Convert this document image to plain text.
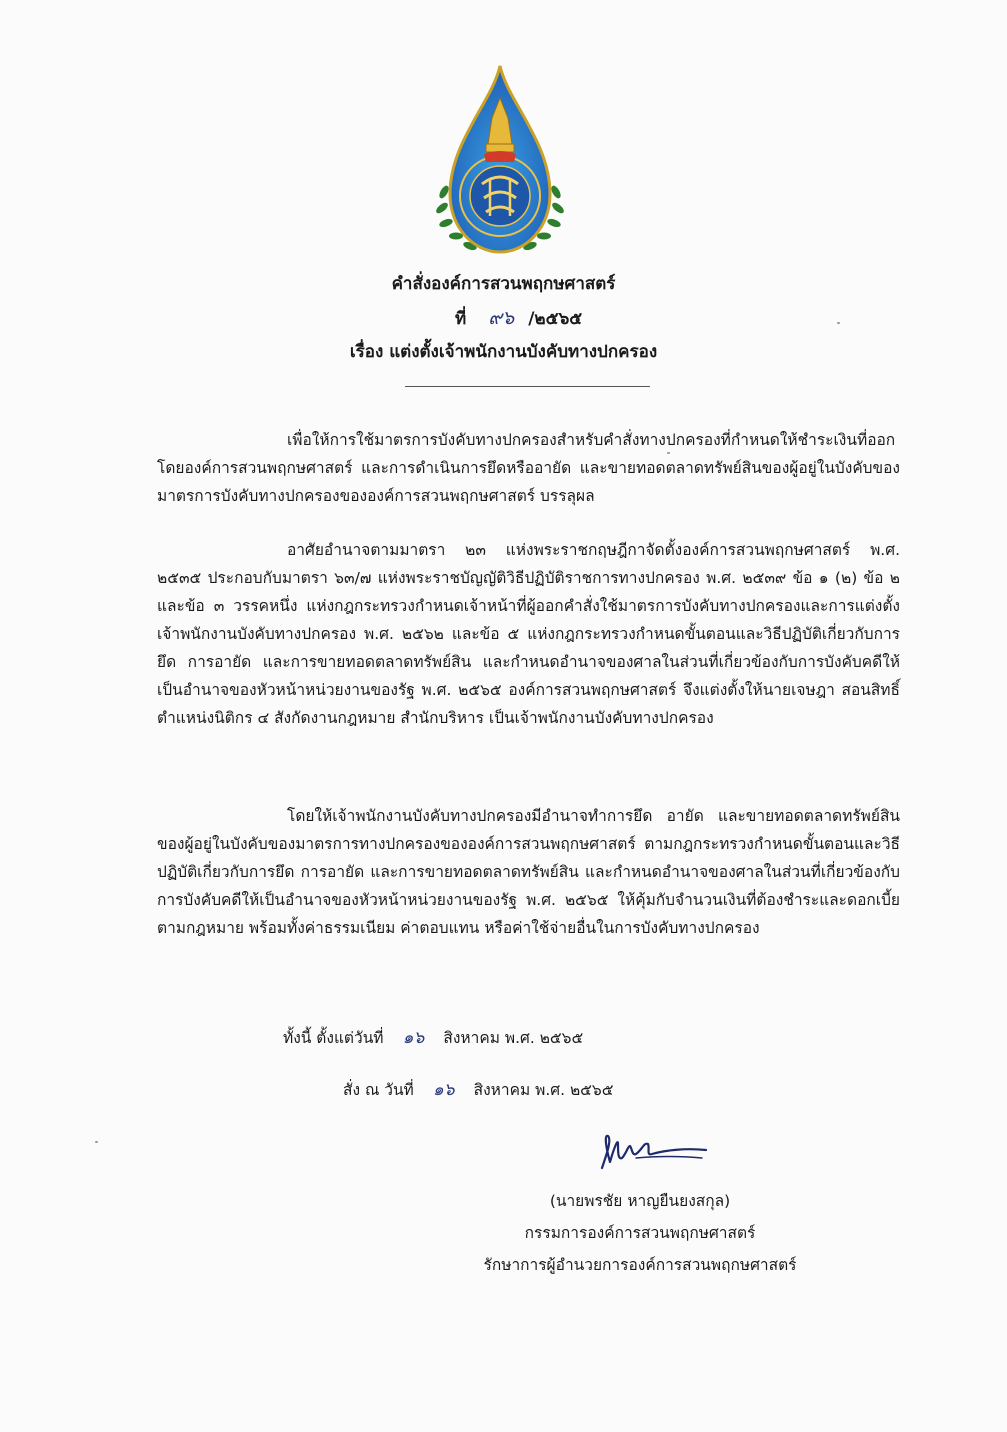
คำสั่งองค์การสวนพฤกษศาสตร์
ที่ ๙๖ /๒๕๖๕
เรื่อง แต่งตั้งเจ้าพนักงานบังคับทางปกครอง

เพื่อให้การใช้มาตรการบังคับทางปกครองสำหรับคำสั่งทางปกครองที่กำหนดให้ชำระเงินที่ออกโดยองค์การสวนพฤกษศาสตร์ และการดำเนินการยึดหรืออายัด และขายทอดตลาดทรัพย์สินของผู้อยู่ในบังคับของมาตรการบังคับทางปกครองขององค์การสวนพฤกษศาสตร์ บรรลุผล

อาศัยอำนาจตามมาตรา ๒๓ แห่งพระราชกฤษฎีกาจัดตั้งองค์การสวนพฤกษศาสตร์ พ.ศ. ๒๕๓๕ ประกอบกับมาตรา ๖๓/๗ แห่งพระราชบัญญัติวิธีปฏิบัติราชการทางปกครอง พ.ศ. ๒๕๓๙ ข้อ ๑ (๒) ข้อ ๒ และข้อ ๓ วรรคหนึ่ง แห่งกฎกระทรวงกำหนดเจ้าหน้าที่ผู้ออกคำสั่งใช้มาตรการบังคับทางปกครองและการแต่งตั้งเจ้าพนักงานบังคับทางปกครอง พ.ศ. ๒๕๖๒ และข้อ ๕ แห่งกฎกระทรวงกำหนดขั้นตอนและวิธีปฏิบัติเกี่ยวกับการยึด การอายัด และการขายทอดตลาดทรัพย์สิน และกำหนดอำนาจของศาลในส่วนที่เกี่ยวข้องกับการบังคับคดีให้เป็นอำนาจของหัวหน้าหน่วยงานของรัฐ พ.ศ. ๒๕๖๕ องค์การสวนพฤกษศาสตร์ จึงแต่งตั้งให้นายเจษฎา สอนสิทธิ์ ตำแหน่งนิติกร ๔ สังกัดงานกฎหมาย สำนักบริหาร เป็นเจ้าพนักงานบังคับทางปกครอง

โดยให้เจ้าพนักงานบังคับทางปกครองมีอำนาจทำการยึด อายัด และขายทอดตลาดทรัพย์สินของผู้อยู่ในบังคับของมาตรการทางปกครองขององค์การสวนพฤกษศาสตร์ ตามกฎกระทรวงกำหนดขั้นตอนและวิธีปฏิบัติเกี่ยวกับการยึด การอายัด และการขายทอดตลาดทรัพย์สิน และกำหนดอำนาจของศาลในส่วนที่เกี่ยวข้องกับการบังคับคดีให้เป็นอำนาจของหัวหน้าหน่วยงานของรัฐ พ.ศ. ๒๕๖๕ ให้คุ้มกับจำนวนเงินที่ต้องชำระและดอกเบี้ยตามกฎหมาย พร้อมทั้งค่าธรรมเนียม ค่าตอบแทน หรือค่าใช้จ่ายอื่นในการบังคับทางปกครอง

ทั้งนี้ ตั้งแต่วันที่ ๑๖ สิงหาคม พ.ศ. ๒๕๖๕
สั่ง ณ วันที่ ๑๖ สิงหาคม พ.ศ. ๒๕๖๕
(นายพรชัย หาญยืนยงสกุล)
กรรมการองค์การสวนพฤกษศาสตร์
รักษาการผู้อำนวยการองค์การสวนพฤกษศาสตร์
